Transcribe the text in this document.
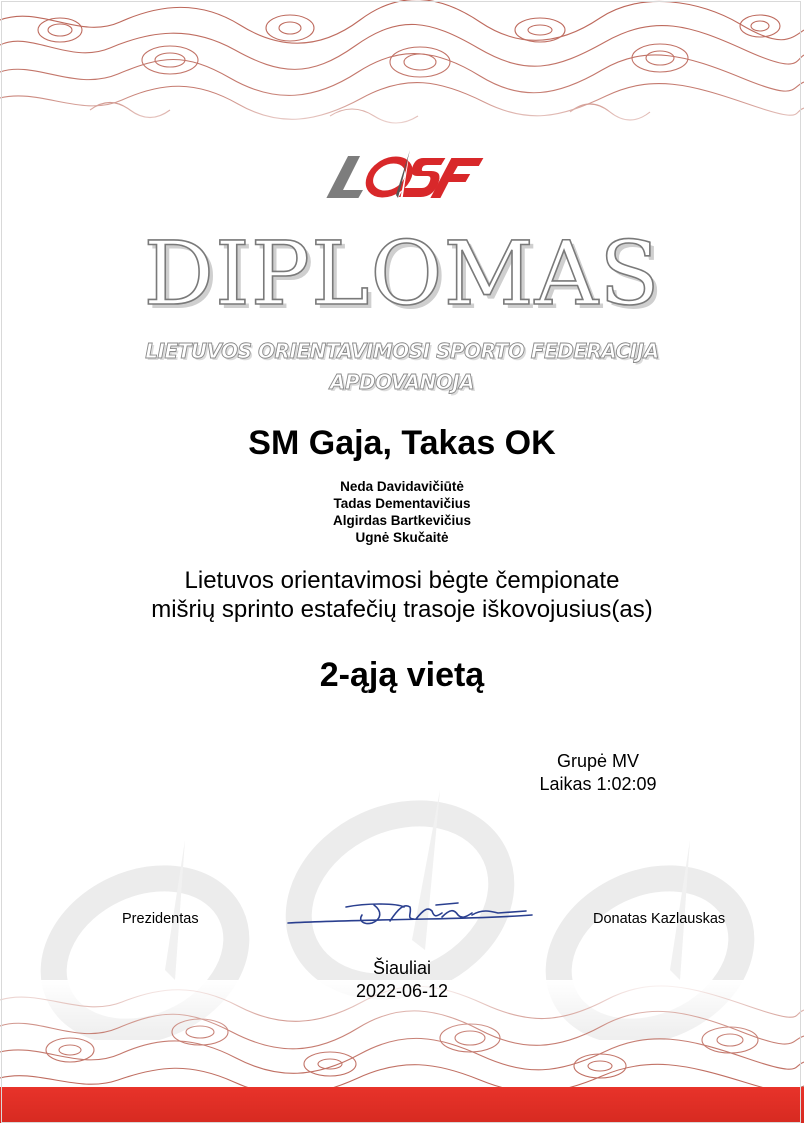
DIPLOMAS
LIETUVOS ORIENTAVIMOSI SPORTO FEDERACIJA
APDOVANOJA
SM Gaja, Takas OK
Neda Davidavičiūtė
Tadas Dementavičius
Algirdas Bartkevičius
Ugnė Skučaitė
Lietuvos orientavimosi bėgte čempionate
mišrių sprinto estafečių trasoje iškovojusius(as)
2-ąją vietą
Grupė MV
Laikas 1:02:09
Prezidentas	Donatas Kazlauskas
Šiauliai
2022-06-12
